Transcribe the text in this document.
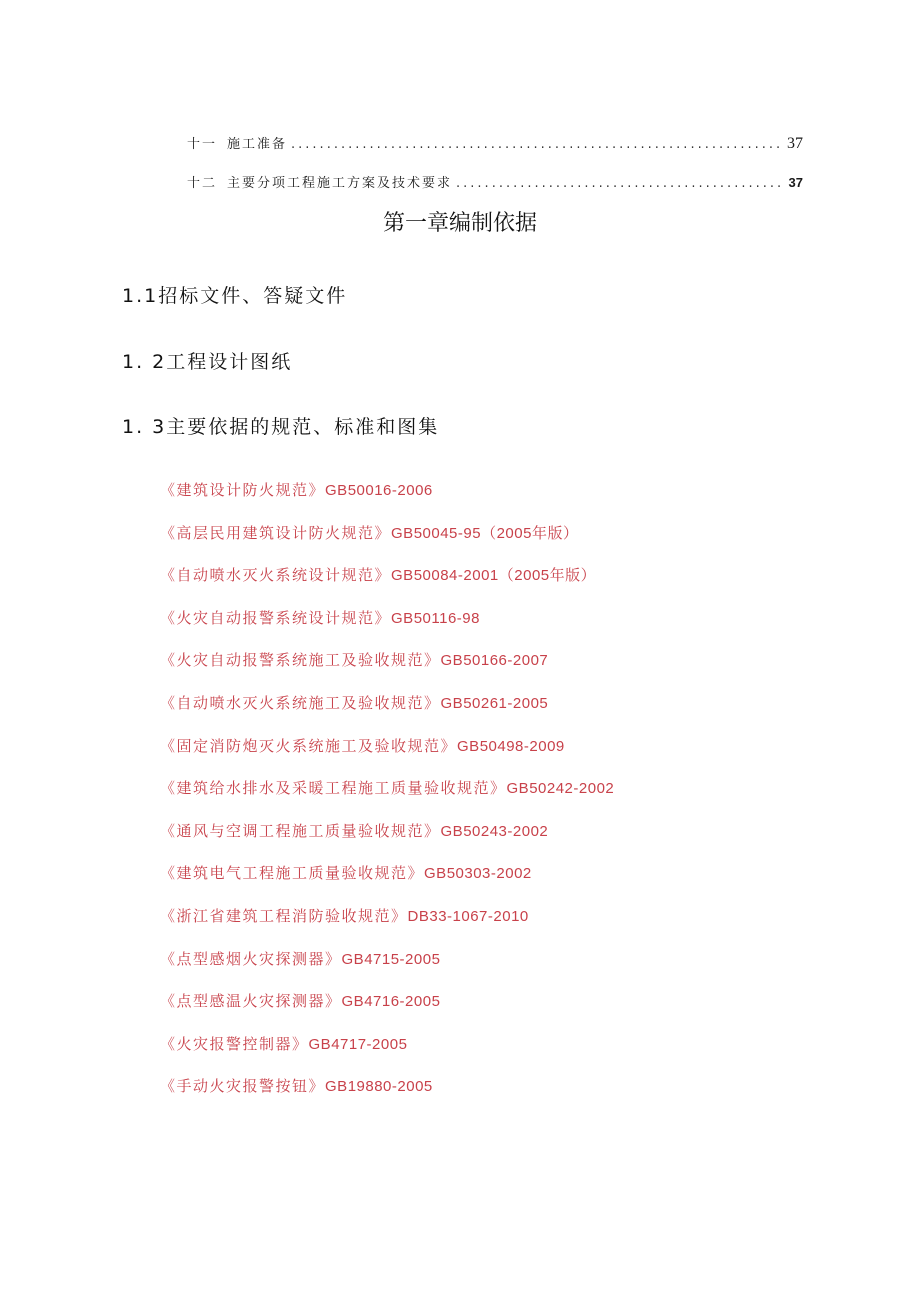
十一 施工准备 .....	37
十二 主要分项工程施工方案及技术要求 .....	37
第一章编制依据
1.1招标文件、答疑文件
1. 2工程设计图纸
1. 3主要依据的规范、标准和图集
《建筑设计防火规范》GB50016-2006
《高层民用建筑设计防火规范》GB50045-95（2005年版）
《自动喷水灭火系统设计规范》GB50084-2001（2005年版）
《火灾自动报警系统设计规范》GB50116-98
《火灾自动报警系统施工及验收规范》GB50166-2007
《自动喷水灭火系统施工及验收规范》GB50261-2005
《固定消防炮灭火系统施工及验收规范》GB50498-2009
《建筑给水排水及采暖工程施工质量验收规范》GB50242-2002
《通风与空调工程施工质量验收规范》GB50243-2002
《建筑电气工程施工质量验收规范》GB50303-2002
《浙江省建筑工程消防验收规范》DB33-1067-2010
《点型感烟火灾探测器》GB4715-2005
《点型感温火灾探测器》GB4716-2005
《火灾报警控制器》GB4717-2005
《手动火灾报警按钮》GB19880-2005
